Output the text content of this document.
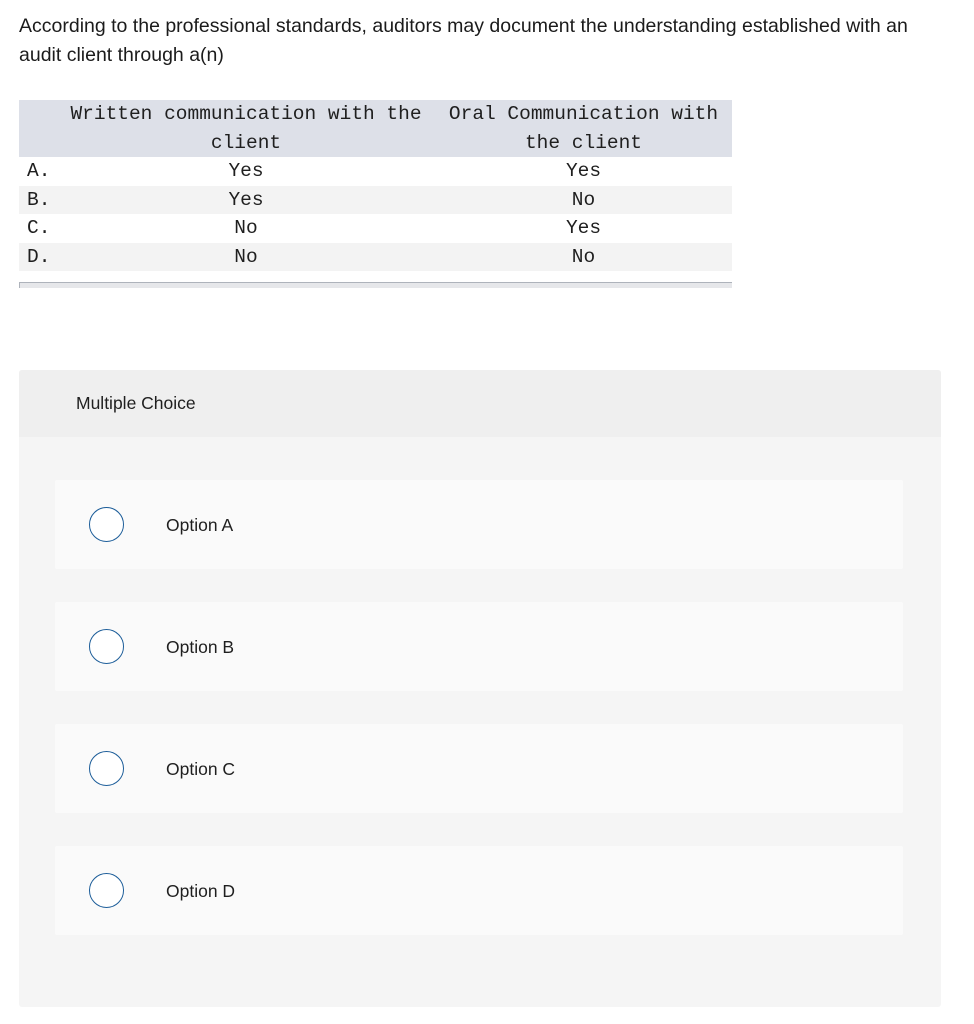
According to the professional standards, auditors may document the understanding established with an audit client through a(n)

	Written communication with the client	Oral Communication with the client
A.	Yes	Yes
B.	Yes	No
C.	No	Yes
D.	No	No
Multiple Choice
Option A
Option B
Option C
Option D
